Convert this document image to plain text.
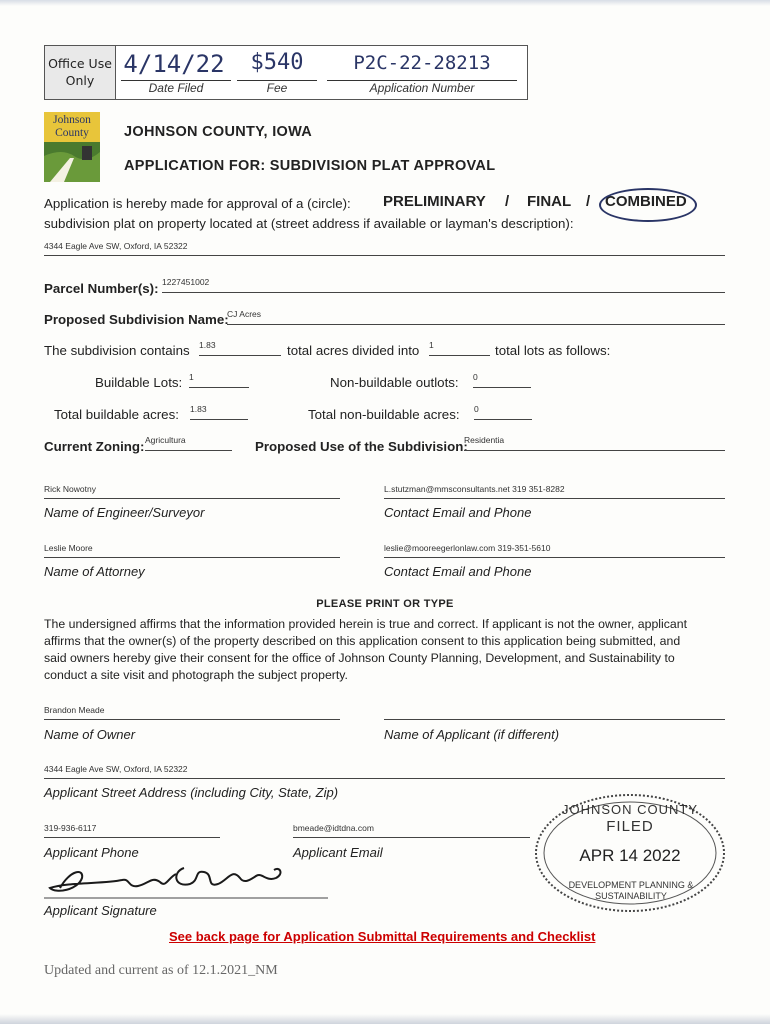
Office Use Only
4/14/22
Date Filed
$540
Fee
P2C-22-28213
Application Number
Johnson
County	JOHNSON COUNTY, IOWA
APPLICATION FOR: SUBDIVISION PLAT APPROVAL
Application is hereby made for approval of a (circle): PRELIMINARY / FINAL / COMBINED
subdivision plat on property located at (street address if available or layman's description):
4344 Eagle Ave SW, Oxford, IA 52322
Parcel Number(s): 1227451002
Proposed Subdivision Name:
CJ Acres
The subdivision contains 1.83	total acres divided into 1	total lots as follows:
Buildable Lots: 1	Non-buildable outlots: 0
Total buildable acres: 1.83	Total non-buildable acres: 0
Current Zoning: Agricultura	Proposed Use of the Subdivision:
Residentia
Rick Nowotny
Name of Engineer/Surveyor
L.stutzman@mmsconsultants.net 319 351-8282
Contact Email and Phone
Leslie Moore
Name of Attorney
leslie@mooreegerlonlaw.com 319-351-5610
Contact Email and Phone
PLEASE PRINT OR TYPE
The undersigned affirms that the information provided herein is true and correct. If applicant is not the owner, applicant
affirms that the owner(s) of the property described on this application consent to this application being submitted, and
said owners hereby give their consent for the office of Johnson County Planning, Development, and Sustainability to
conduct a site visit and photograph the subject property.
Brandon Meade
Name of Owner	Name of Applicant (if different)
4344 Eagle Ave SW, Oxford, IA 52322
Applicant Street Address (including City, State, Zip)
319-936-6117
Applicant Phone
bmeade@idtdna.com
Applicant Email
Applicant Signature
JOHNSON COUNTY
FILED
APR 14 2022
DEVELOPMENT PLANNING & SUSTAINABILITY
See back page for Application Submittal Requirements and Checklist
Updated and current as of 12.1.2021_NM
